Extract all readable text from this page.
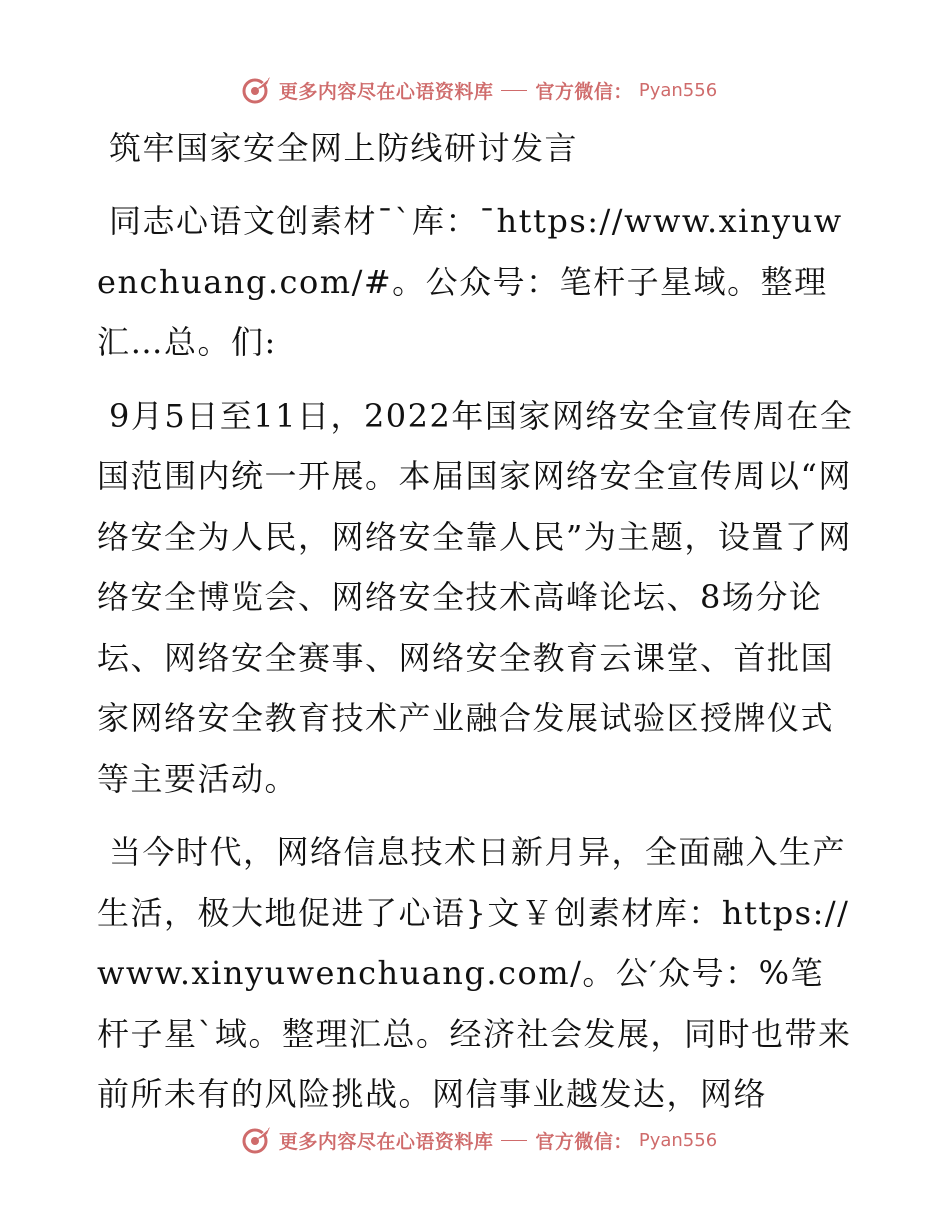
更多内容尽在心语资料库 官方微信： Pyan556

筑牢国家安全网上防线研讨发言

同志心语文创素材¯`库：¯https://www.xinyuwenchuang.com/#。公众号：笔杆子星域。整理汇…总。们:

9月5日至11日，2022年国家网络安全宣传周在全国范围内统一开展。本届国家网络安全宣传周以“网络安全为人民，网络安全靠人民”为主题，设置了网络安全博览会、网络安全技术高峰论坛、8场分论坛、网络安全赛事、网络安全教育云课堂、首批国家网络安全教育技术产业融合发展试验区授牌仪式等主要活动。

当今时代，网络信息技术日新月异，全面融入生产生活，极大地促进了心语}文￥创素材库：https://www.xinyuwenchuang.com/。公′众号：%笔杆子星`域。整理汇总。经济社会发展，同时也带来前所未有的风险挑战。网信事业越发达，网络

更多内容尽在心语资料库 官方微信： Pyan556
